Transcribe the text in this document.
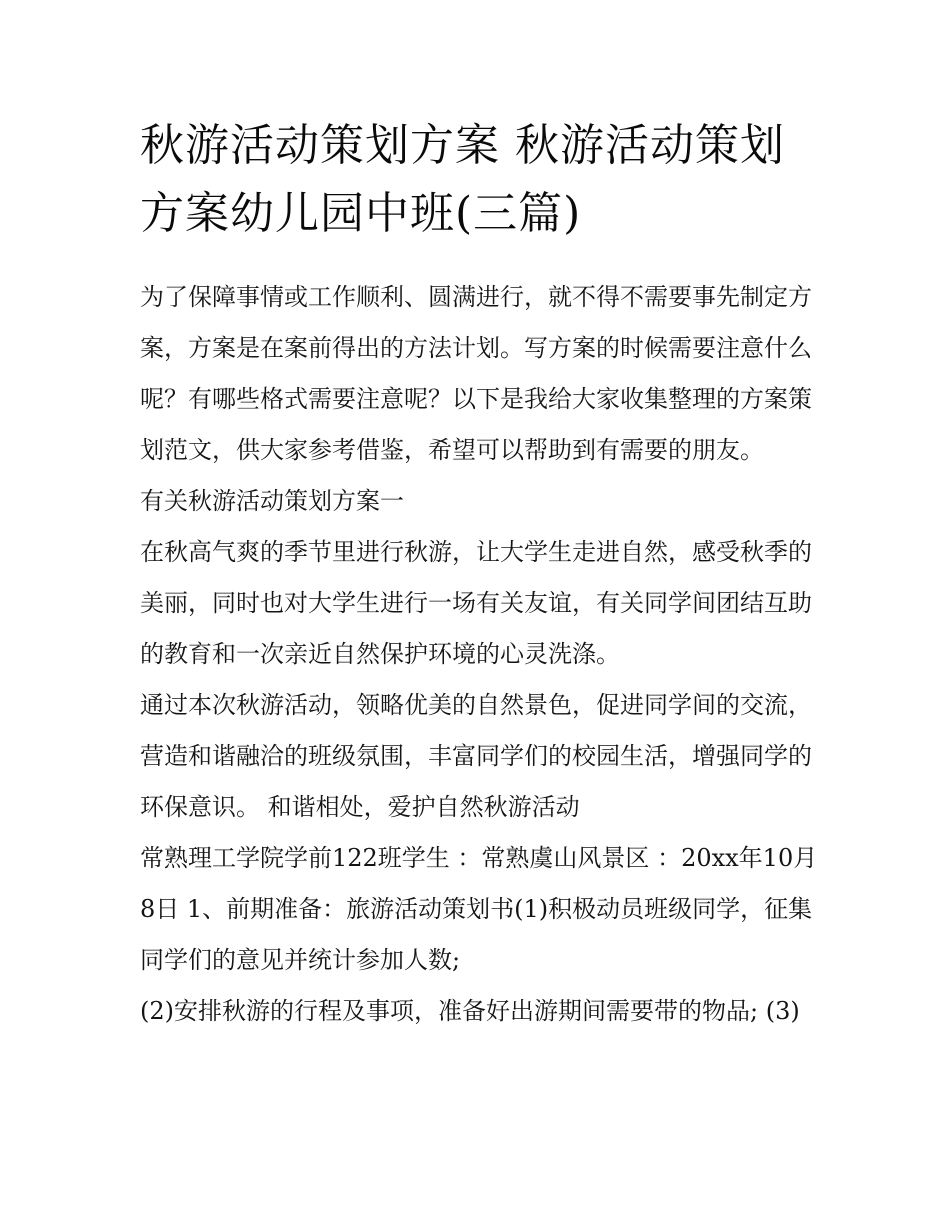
秋游活动策划方案 秋游活动策划方案幼儿园中班(三篇)

为了保障事情或工作顺利、圆满进行，就不得不需要事先制定方案，方案是在案前得出的方法计划。写方案的时候需要注意什么呢？有哪些格式需要注意呢？以下是我给大家收集整理的方案策划范文，供大家参考借鉴，希望可以帮助到有需要的朋友。

有关秋游活动策划方案一

在秋高气爽的季节里进行秋游，让大学生走进自然，感受秋季的美丽，同时也对大学生进行一场有关友谊，有关同学间团结互助的教育和一次亲近自然保护环境的心灵洗涤。

通过本次秋游活动，领略优美的自然景色，促进同学间的交流，营造和谐融洽的班级氛围，丰富同学们的校园生活，增强同学的环保意识。 和谐相处，爱护自然秋游活动

常熟理工学院学前122班学生 ：常熟虞山风景区 ：20xx年10月8日 1、前期准备：旅游活动策划书(1)积极动员班级同学，征集同学们的意见并统计参加人数;

(2)安排秋游的行程及事项，准备好出游期间需要带的物品; (3)
